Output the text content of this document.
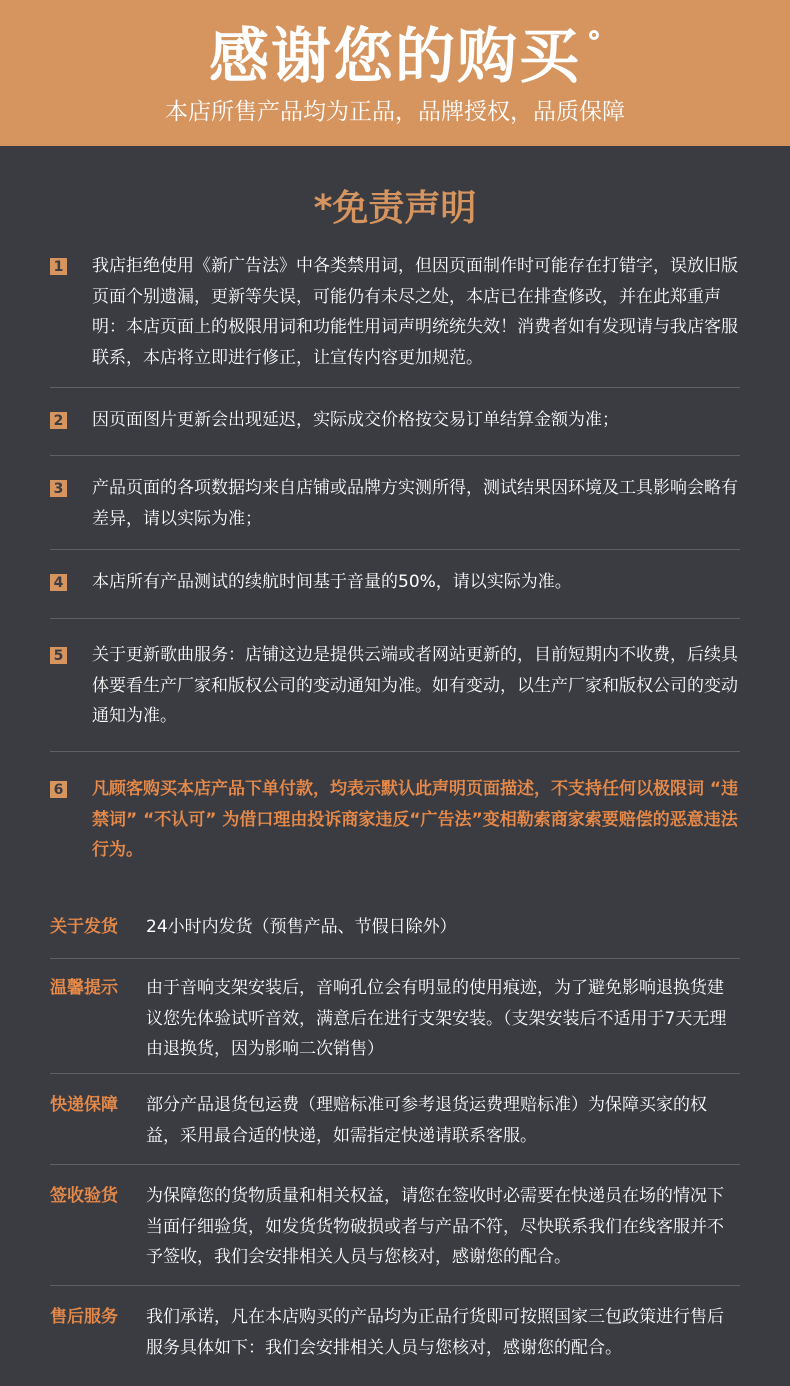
感谢您的购买
本店所售产品均为正品，品牌授权，品质保障
*免责声明
1 我店拒绝使用《新广告法》中各类禁用词，但因页面制作时可能存在打错字，误放旧版页面个别遗漏，更新等失误，可能仍有未尽之处，本店已在排查修改，并在此郑重声明：本店页面上的极限用词和功能性用词声明统统失效！消费者如有发现请与我店客服联系，本店将立即进行修正，让宣传内容更加规范。
2 因页面图片更新会出现延迟，实际成交价格按交易订单结算金额为准；
3 产品页面的各项数据均来自店铺或品牌方实测所得，测试结果因环境及工具影响会略有差异，请以实际为准；
4 本店所有产品测试的续航时间基于音量的50%，请以实际为准。
5 关于更新歌曲服务：店铺这边是提供云端或者网站更新的，目前短期内不收费，后续具体要看生产厂家和版权公司的变动通知为准。如有变动，以生产厂家和版权公司的变动通知为准。
6 凡顾客购买本店产品下单付款，均表示默认此声明页面描述，不支持任何以极限词 “违禁词” “不认可” 为借口理由投诉商家违反“广告法”变相勒索商家索要赔偿的恶意违法行为。
关于发货	24小时内发货（预售产品、节假日除外）
温馨提示	由于音响支架安装后，音响孔位会有明显的使用痕迹，为了避免影响退换货建议您先体验试听音效，满意后在进行支架安装。（支架安装后不适用于7天无理由退换货，因为影响二次销售）
快递保障	部分产品退货包运费（理赔标准可参考退货运费理赔标准）为保障买家的权益，采用最合适的快递，如需指定快递请联系客服。
签收验货	为保障您的货物质量和相关权益，请您在签收时必需要在快递员在场的情况下当面仔细验货，如发货货物破损或者与产品不符，尽快联系我们在线客服并不予签收，我们会安排相关人员与您核对，感谢您的配合。
售后服务	我们承诺，凡在本店购买的产品均为正品行货即可按照国家三包政策进行售后服务具体如下：我们会安排相关人员与您核对，感谢您的配合。
